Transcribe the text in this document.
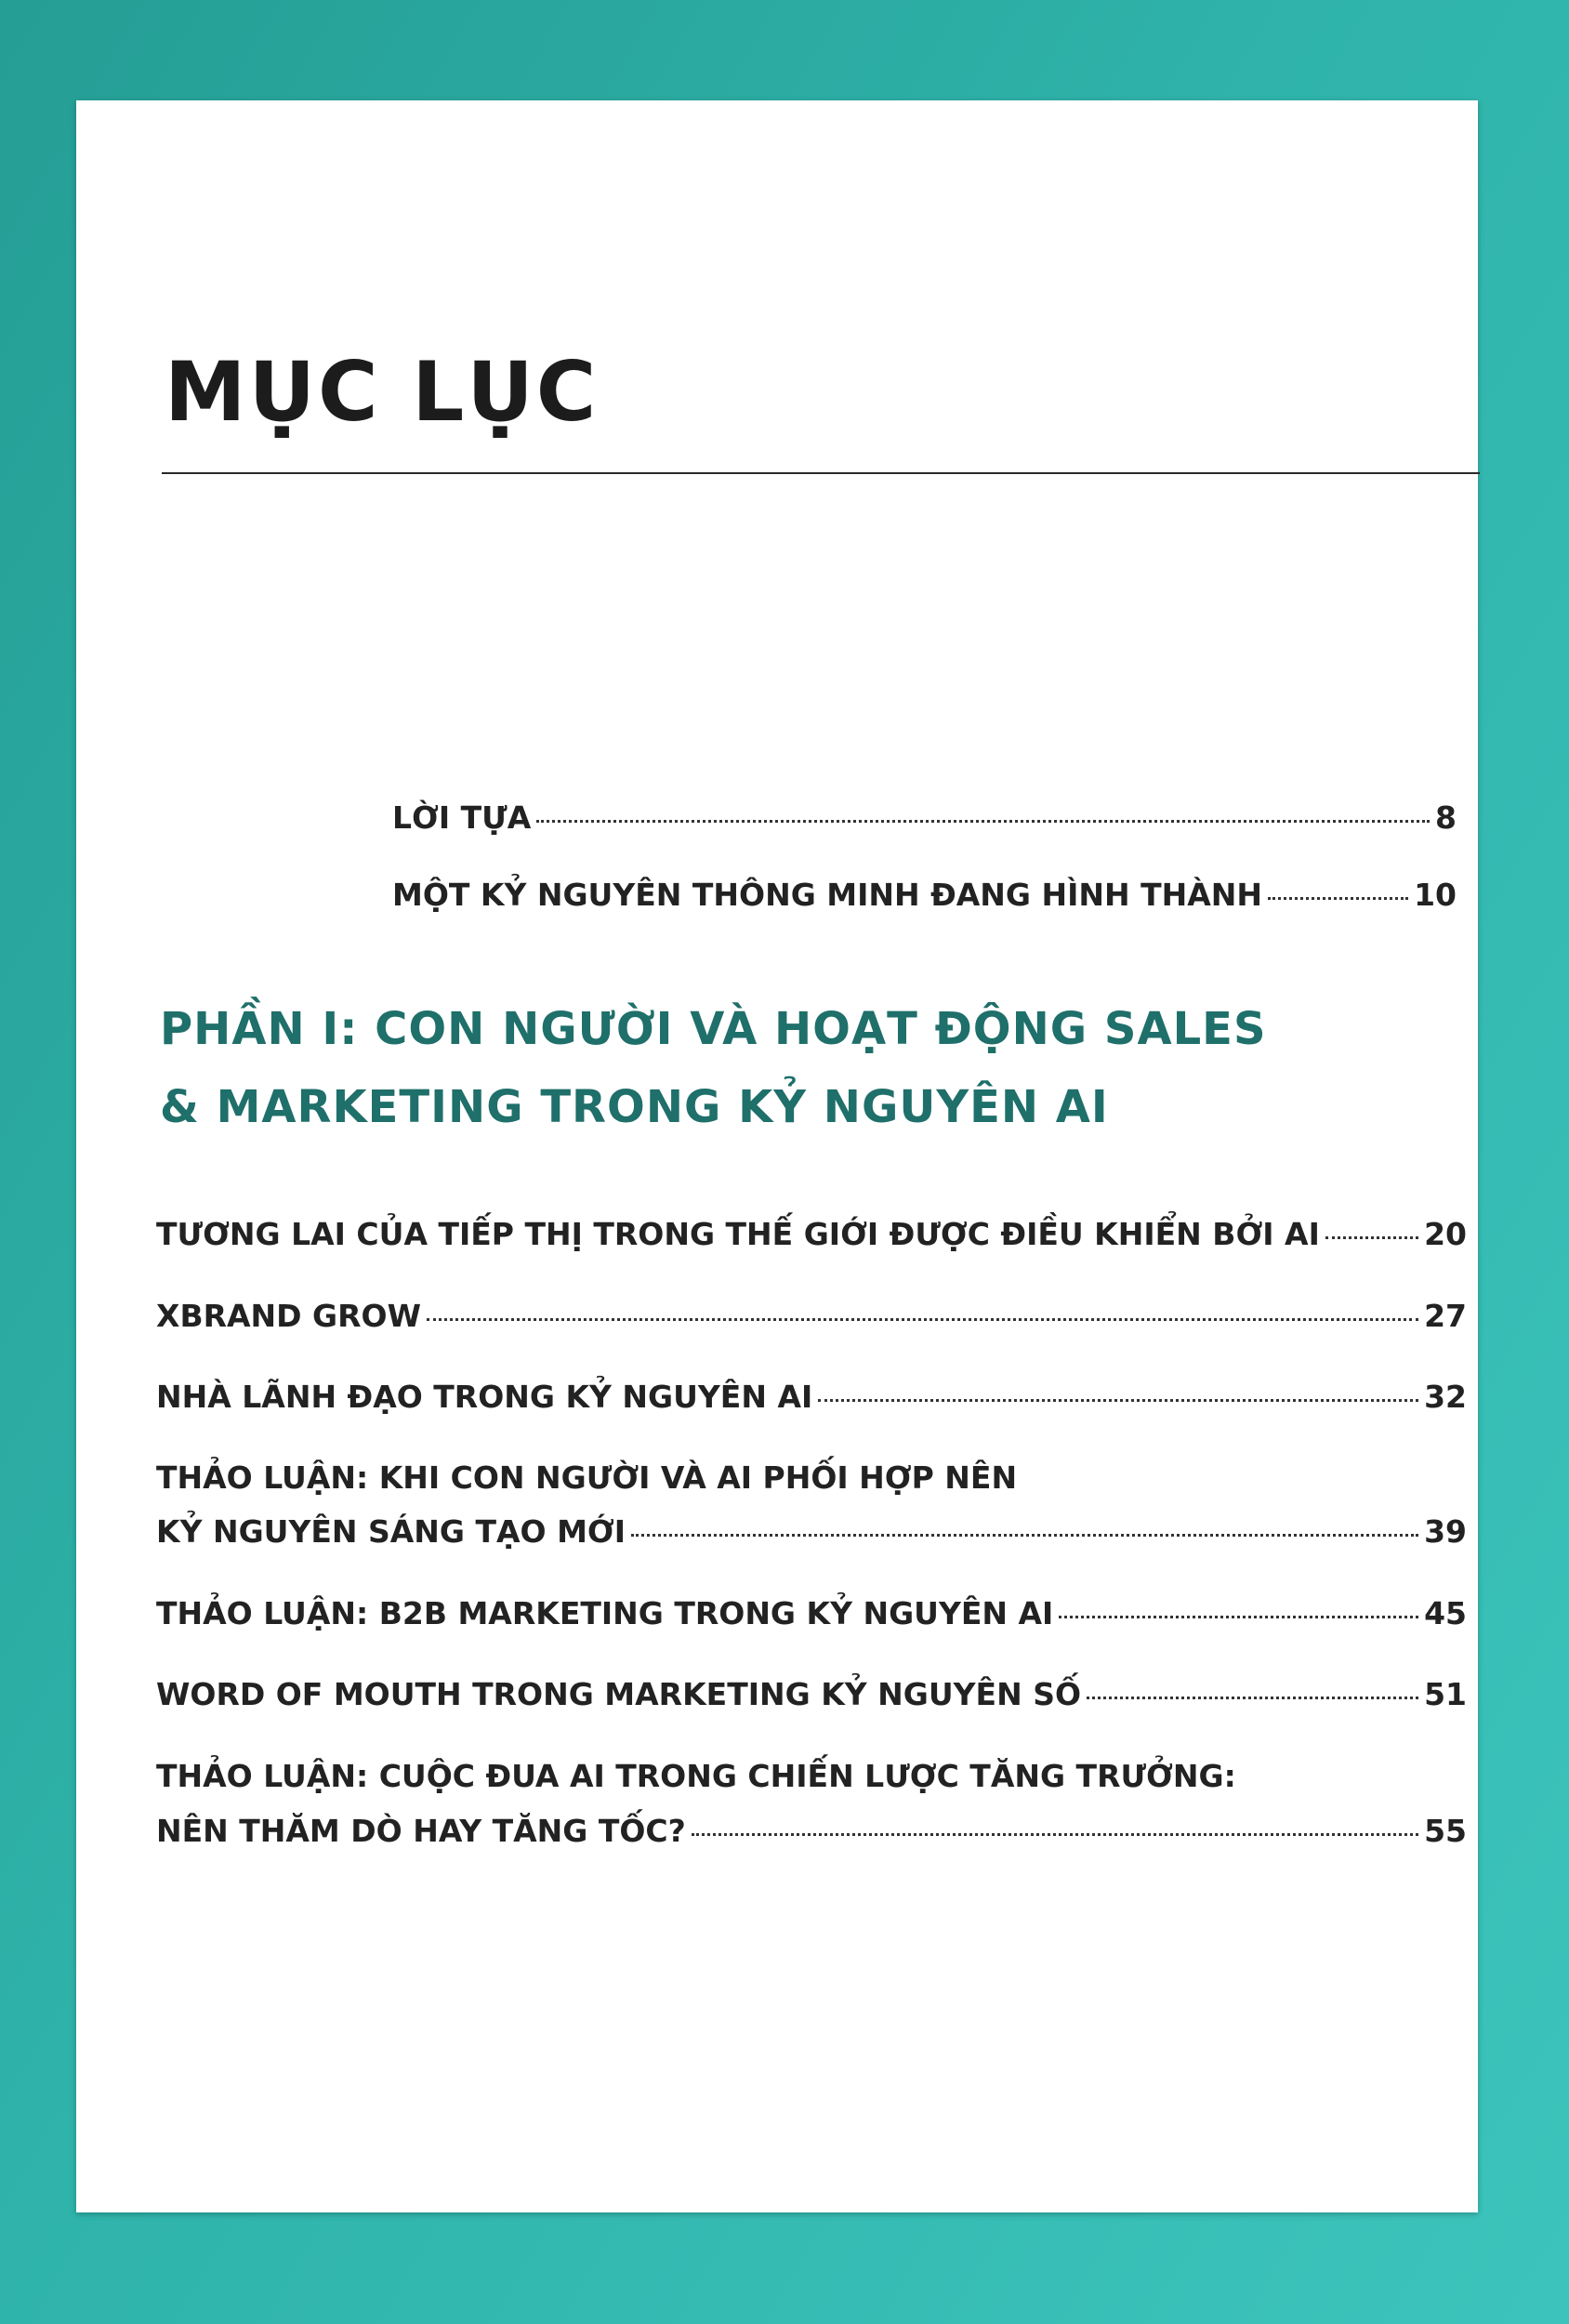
MỤC LỤC
LỜI TỰA	8
MỘT KỶ NGUYÊN THÔNG MINH ĐANG HÌNH THÀNH	10
PHẦN I: CON NGƯỜI VÀ HOẠT ĐỘNG SALES
& MARKETING TRONG KỶ NGUYÊN AI
TƯƠNG LAI CỦA TIẾP THỊ TRONG THẾ GIỚI ĐƯỢC ĐIỀU KHIỂN BỞI AI	20
XBRAND GROW	27
NHÀ LÃNH ĐẠO TRONG KỶ NGUYÊN AI	32
THẢO LUẬN: KHI CON NGƯỜI VÀ AI PHỐI HỢP NÊN
KỶ NGUYÊN SÁNG TẠO MỚI	39
THẢO LUẬN: B2B MARKETING TRONG KỶ NGUYÊN AI	45
WORD OF MOUTH TRONG MARKETING KỶ NGUYÊN SỐ	51
THẢO LUẬN: CUỘC ĐUA AI TRONG CHIẾN LƯỢC TĂNG TRƯỞNG:
NÊN THĂM DÒ HAY TĂNG TỐC?	55
